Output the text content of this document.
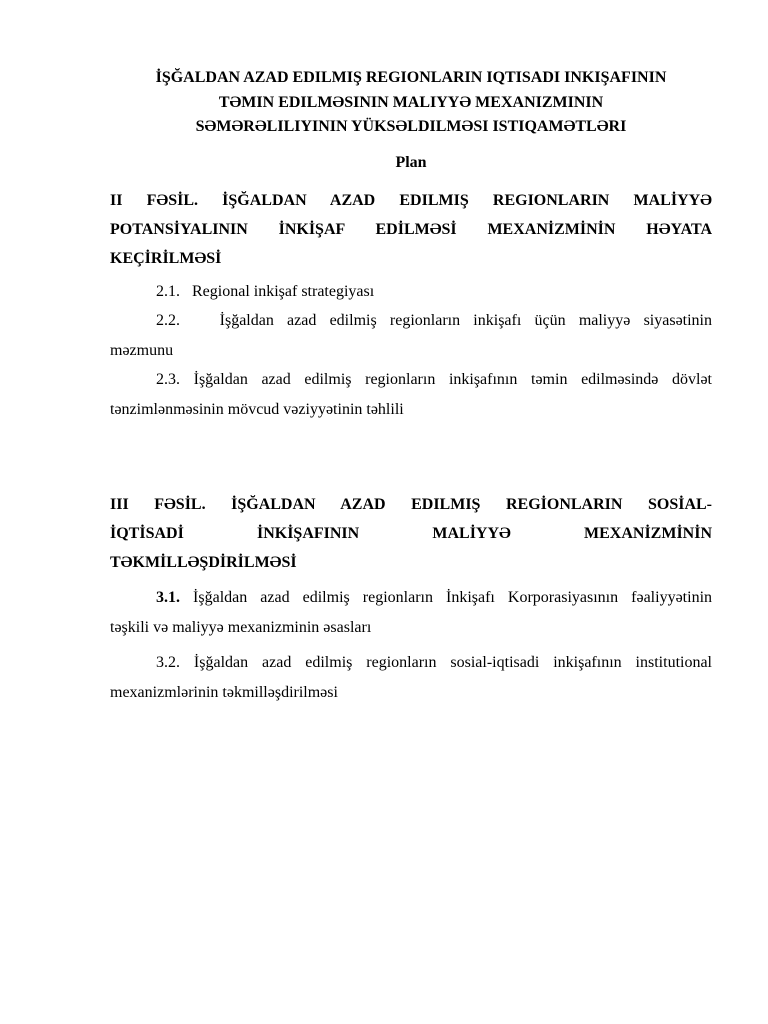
İŞĞALDAN AZAD EDILMIŞ REGIONLARIN IQTISADI INKIŞAFININ

TƏMIN EDILMƏSININ MALIYYƏ MEXANIZMININ

SƏMƏRƏLILIYININ YÜKSƏLDILMƏSI ISTIQAMƏTLƏRI

Plan

II FƏSİL. İŞĞALDAN AZAD EDILMIŞ REGIONLARIN MALİYYƏ
POTANSİYALININ İNKİŞAF EDİLMƏSİ MEXANİZMİNİN HƏYATA
KEÇİRİLMƏSİ
2.1. Regional inkişaf strategiyası
2.2. İşğaldan azad edilmiş regionların inkişafı üçün maliyyə siyasətinin
məzmunu
2.3. İşğaldan azad edilmiş regionların inkişafının təmin edilməsində dövlət
tənzimlənməsinin mövcud vəziyyətinin təhlili
III FƏSİL. İŞĞALDAN AZAD EDILMIŞ REGİONLARIN SOSİAL-
İQTİSADİ İNKİŞAFININ MALİYYƏ MEXANİZMİNİN
TƏKMİLLƏŞDİRİLMƏSİ
3.1. İşğaldan azad edilmiş regionların İnkişafı Korporasiyasının fəaliyyətinin
təşkili və maliyyə mexanizminin əsasları
3.2. İşğaldan azad edilmiş regionların sosial-iqtisadi inkişafının institutional
mexanizmlərinin təkmilləşdirilməsi
